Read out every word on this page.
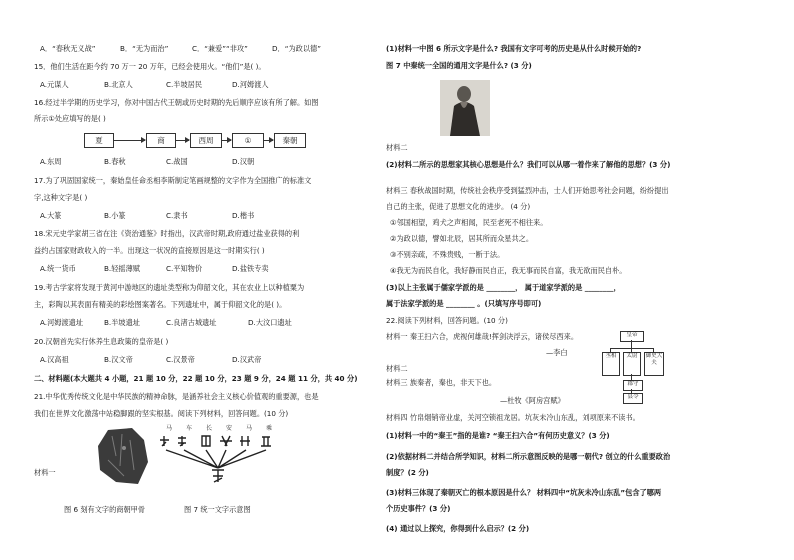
A．“春秋无义战”	B．“无为而治”	C．“兼爱”“非攻”	D．“为政以德”
15．他们生活在距今约 70 万一 20 万年，已经会使用火。“他们”是( )。
A.元谋人	B.北京人	C.半坡居民	D.河姆渡人
16.经过半学期的历史学习，你对中国古代王朝或历史时期的先后顺序应该有所了解。如图
所示①处应填写的是( )
夏	商	西周	①	秦朝
A.东周	B.春秋	C.战国	D.汉朝
17.为了巩固国家统一，秦始皇任命丞相李斯制定笔画规整的文字作为全国推广的标准文
字,这种文字是( )
A.大篆	B.小篆	C.隶书	D.楷书
18.宋元史学家胡三省在注《资治通鉴》时指出，汉武帝时期,政府通过盐业获得的利
益约占国家财政收入的一半。出现这一状况的直接原因是这一时期实行( )
A.统一货币	B.轻摇薄赋	C.平知物价	D.盐铁专卖
19.考古学家将发现于黄河中游地区的遗址类型称为仰韶文化，其在农业上以种植粟为
主，彩陶以其表面有精美的彩绘图案著名。下列遗址中，属于仰韶文化的是( )。
A.河姆渡遗址	B.半坡遗址	C.良渚古城遗址	D.大汶口遗址
20.汉朝首先实行休养生息政策的皇帝是( )
A.汉高祖	B.汉文帝	C.汉景帝	D.汉武帝
二、材料题(本大题共 4 小题，21 题 10 分，22 题 10 分，23 题 9 分，24 题 11 分，共 40 分)
21.中华优秀传统文化是中华民族的精神命脉，是涵养社会主义核心价值观的重要源，也是
我们在世界文化激荡中站稳脚跟的坚实根基。阅读下列材料，回答问题。(10 分)
马 车 长 安 马 乘
材料一
图 6 刻有文字的商朝甲骨	图 7 统一文字示意图
(1)材料一中图 6 所示文字是什么? 我国有文字可考的历史是从什么时候开始的?
图 7 中秦统一全国的通用文字是什么? (3 分)
材料二
(2)材料二所示的思想家其核心思想是什么？我们可以从哪一着作来了解他的思想？(3 分)
材料三 春秋战国时期，传统社会秩序受到猛烈冲击，士人们开始思考社会问题，纷纷提出
自己的主张，促进了思想文化的进步。 (4 分)
①邻国相望，鸡犬之声相闻，民至老死不相往来。
②为政以德，譬如北辰，居其所而众星共之。
③不别亲疏，不殊贵贱，一断于法。
④我无为而民自化，我好静而民自正，我无事而民自富，我无欲而民自朴。
(3)以上主张属于儒家学派的是 ________， 属于道家学派的是 ________，
属于法家学派的是 ________ 。(只填写序号即可)
22.阅读下列材料，回答问题。(10 分)
材料一 秦王扫六合，虎视何雄哉!挥剑决浮云，诸侯尽西来。
—李白
材料二
皇帝
丞相	太尉	御史大夫
郡守
县令
材料三 族秦者，秦也，非天下也。
—杜牧《阿房宫赋》
材料四 竹帛烟销帝业虚，关河空锁祖龙居。坑灰未冷山东乱，刘项原来不读书。
(1)材料一中的“秦王”指的是谁? “秦王扫六合”有何历史意义？(3 分)
(2)依据材料二并结合所学知识，材料二所示意图反映的是哪一朝代? 创立的什么重要政治
制度？(2 分)
(3)材料三体现了秦朝灭亡的根本原因是什么？ 材料四中“坑灰未冷山东乱”包含了哪两
个历史事件？(3 分)
(4) 通过以上探究，你得到什么启示？(2 分)
